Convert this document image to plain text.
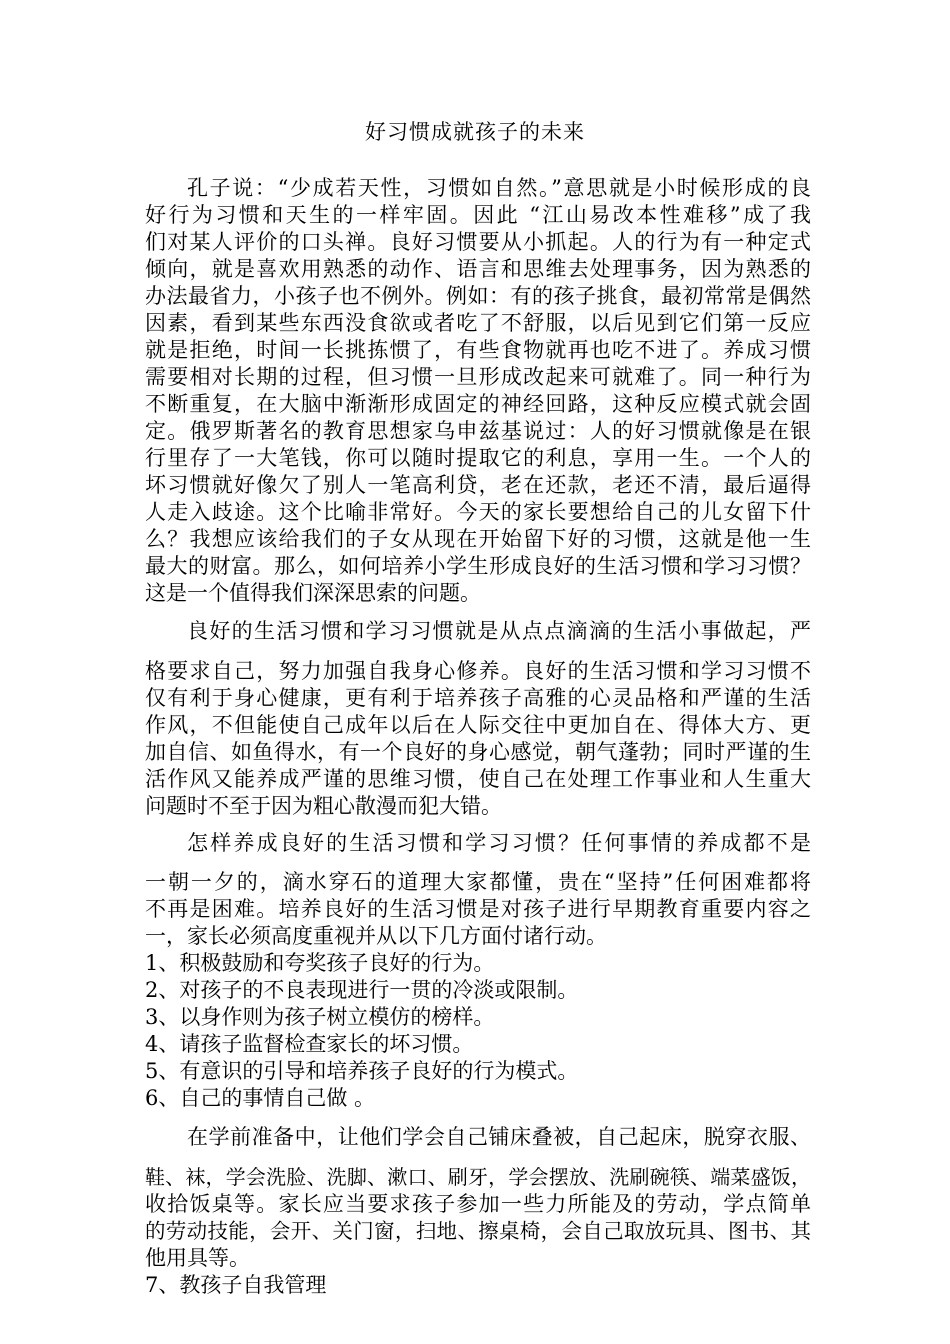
好习惯成就孩子的未来
孔子说：“少成若天性，习惯如自然。”意思就是小时候形成的良
好行为习惯和天生的一样牢固。因此 “江山易改本性难移”成了我
们对某人评价的口头禅。良好习惯要从小抓起。人的行为有一种定式
倾向，就是喜欢用熟悉的动作、语言和思维去处理事务，因为熟悉的
办法最省力，小孩子也不例外。例如：有的孩子挑食，最初常常是偶然
因素，看到某些东西没食欲或者吃了不舒服，以后见到它们第一反应
就是拒绝，时间一长挑拣惯了，有些食物就再也吃不进了。养成习惯
需要相对长期的过程，但习惯一旦形成改起来可就难了。同一种行为
不断重复，在大脑中渐渐形成固定的神经回路，这种反应模式就会固
定。俄罗斯著名的教育思想家乌申兹基说过：人的好习惯就像是在银
行里存了一大笔钱，你可以随时提取它的利息，享用一生。一个人的
坏习惯就好像欠了别人一笔高利贷，老在还款，老还不清，最后逼得
人走入歧途。这个比喻非常好。今天的家长要想给自己的儿女留下什
么？我想应该给我们的子女从现在开始留下好的习惯，这就是他一生
最大的财富。那么，如何培养小学生形成良好的生活习惯和学习习惯？
这是一个值得我们深深思索的问题。
良好的生活习惯和学习习惯就是从点点滴滴的生活小事做起，严
格要求自己，努力加强自我身心修养。良好的生活习惯和学习习惯不
仅有利于身心健康，更有利于培养孩子高雅的心灵品格和严谨的生活
作风，不但能使自己成年以后在人际交往中更加自在、得体大方、更
加自信、如鱼得水，有一个良好的身心感觉，朝气蓬勃；同时严谨的生
活作风又能养成严谨的思维习惯，使自己在处理工作事业和人生重大
问题时不至于因为粗心散漫而犯大错。
怎样养成良好的生活习惯和学习习惯？任何事情的养成都不是
一朝一夕的，滴水穿石的道理大家都懂，贵在“坚持”任何困难都将
不再是困难。培养良好的生活习惯是对孩子进行早期教育重要内容之
一，家长必须高度重视并从以下几方面付诸行动。
1、积极鼓励和夸奖孩子良好的行为。
2、对孩子的不良表现进行一贯的冷淡或限制。
3、以身作则为孩子树立模仿的榜样。
4、请孩子监督检查家长的坏习惯。
5、有意识的引导和培养孩子良好的行为模式。
6、自己的事情自己做 。
在学前准备中，让他们学会自己铺床叠被，自己起床，脱穿衣服、
鞋、袜，学会洗脸、洗脚、漱口、刷牙，学会摆放、洗刷碗筷、端菜盛饭，
收拾饭桌等。家长应当要求孩子参加一些力所能及的劳动，学点简单
的劳动技能，会开、关门窗，扫地、擦桌椅，会自己取放玩具、图书、其
他用具等。
7、教孩子自我管理
